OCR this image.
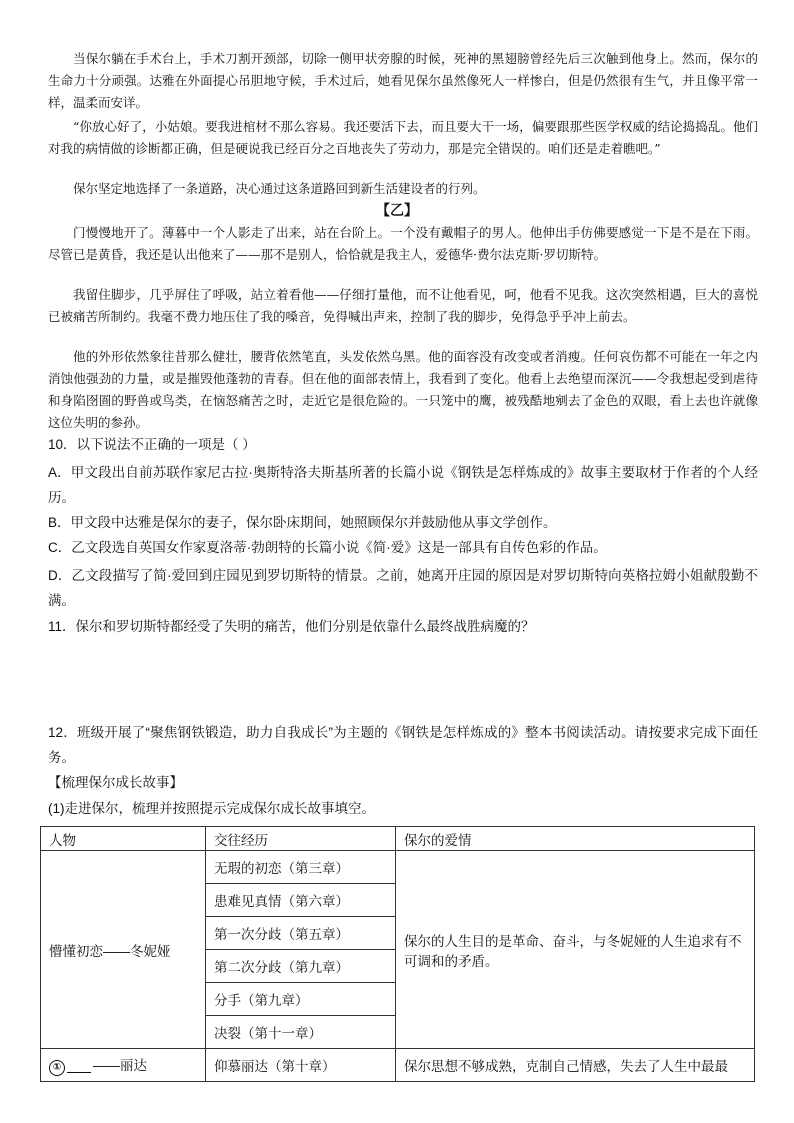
当保尔躺在手术台上，手术刀割开颈部，切除一侧甲状旁腺的时候，死神的黑翅膀曾经先后三次触到他身上。然而，保尔的生命力十分顽强。达雅在外面提心吊胆地守候，手术过后，她看见保尔虽然像死人一样惨白，但是仍然很有生气，并且像平常一样，温柔而安详。

“你放心好了，小姑娘。要我进棺材不那么容易。我还要活下去，而且要大干一场，偏要跟那些医学权威的结论捣捣乱。他们对我的病情做的诊断都正确，但是硬说我已经百分之百地丧失了劳动力，那是完全错误的。咱们还是走着瞧吧。”

保尔坚定地选择了一条道路，决心通过这条道路回到新生活建设者的行列。

【乙】

门慢慢地开了。薄暮中一个人影走了出来，站在台阶上。一个没有戴帽子的男人。他伸出手仿佛要感觉一下是不是在下雨。尽管已是黄昏，我还是认出他来了——那不是别人，恰恰就是我主人，爱德华·费尔法克斯·罗切斯特。

我留住脚步，几乎屏住了呼吸，站立着看他——仔细打量他，而不让他看见，呵，他看不见我。这次突然相遇，巨大的喜悦已被痛苦所制约。我毫不费力地压住了我的嗓音，免得喊出声来，控制了我的脚步，免得急乎乎冲上前去。

他的外形依然象往昔那么健壮，腰背依然笔直，头发依然乌黑。他的面容没有改变或者消瘦。任何哀伤都不可能在一年之内消蚀他强劲的力量，或是摧毁他蓬勃的青春。但在他的面部表情上，我看到了变化。他看上去绝望而深沉——令我想起受到虐待和身陷囹圄的野兽或鸟类，在恼怒痛苦之时，走近它是很危险的。一只笼中的鹰，被残酷地剜去了金色的双眼，看上去也许就像这位失明的参孙。

10．以下说法不正确的一项是（ ）

A．甲文段出自前苏联作家尼古拉·奥斯特洛夫斯基所著的长篇小说《钢铁是怎样炼成的》故事主要取材于作者的个人经历。

B．甲文段中达雅是保尔的妻子，保尔卧床期间，她照顾保尔并鼓励他从事文学创作。

C．乙文段选自英国女作家夏洛蒂·勃朗特的长篇小说《简·爱》这是一部具有自传色彩的作品。

D．乙文段描写了简·爱回到庄园见到罗切斯特的情景。之前，她离开庄园的原因是对罗切斯特向英格拉姆小姐献殷勤不满。

11．保尔和罗切斯特都经受了失明的痛苦，他们分别是依靠什么最终战胜病魔的？

12．班级开展了“聚焦钢铁锻造，助力自我成长”为主题的《钢铁是怎样炼成的》整本书阅读活动。请按要求完成下面任务。

【梳理保尔成长故事】

(1)走进保尔，梳理并按照提示完成保尔成长故事填空。

人物	交往经历	保尔的爱情
懵懂初恋——冬妮娅	无瑕的初恋（第三章）	保尔的人生目的是革命、奋斗，与冬妮娅的人生追求有不可调和的矛盾。
	患难见真情（第六章）	
	第一次分歧（第五章）	
	第二次分歧（第九章）	
	分手（第九章）	
	决裂（第十一章）	
① ——丽达	仰慕丽达（第十章）	保尔思想不够成熟，克制自己情感，失去了人生中最最
